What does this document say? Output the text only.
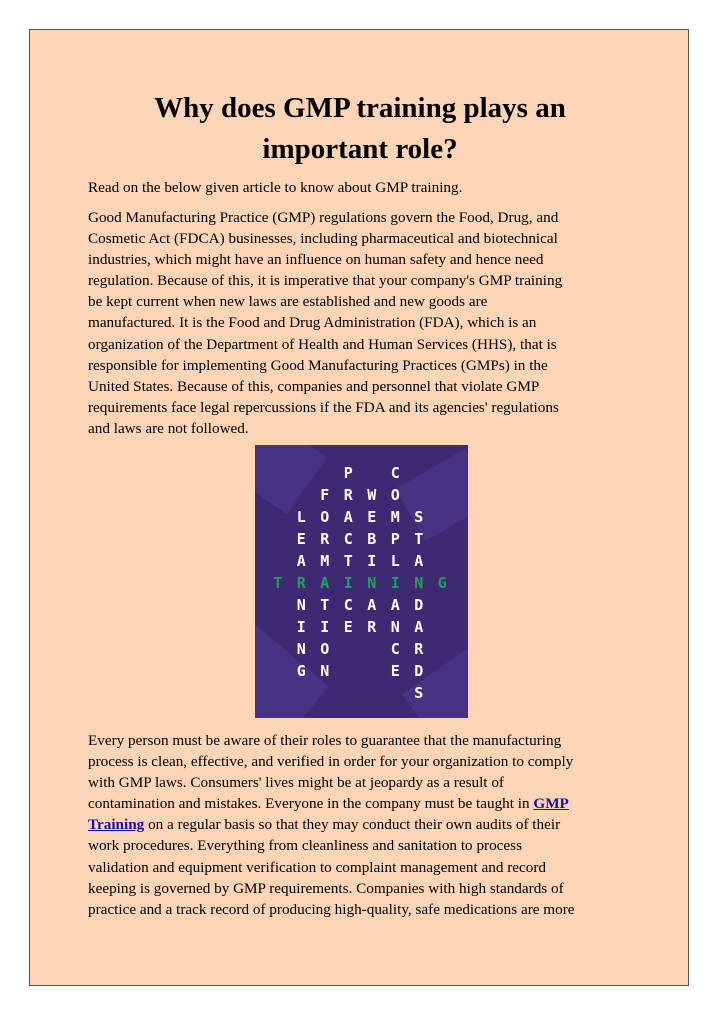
Why does GMP training plays an
important role?

Read on the below given article to know about GMP training.

Good Manufacturing Practice (GMP) regulations govern the Food, Drug, and
Cosmetic Act (FDCA) businesses, including pharmaceutical and biotechnical
industries, which might have an influence on human safety and hence need
regulation. Because of this, it is imperative that your company's GMP training
be kept current when new laws are established and new goods are
manufactured. It is the Food and Drug Administration (FDA), which is an
organization of the Department of Health and Human Services (HHS), that is
responsible for implementing Good Manufacturing Practices (GMPs) in the
United States. Because of this, companies and personnel that violate GMP
requirements face legal repercussions if the FDA and its agencies' regulations
and laws are not followed.

P	C
F R W O
L O A E M S
E R C B P T
A M T I L A
T R A I N I N G
N T C A A D
I I E R N A
N O	C R
G N	E D
S

Every person must be aware of their roles to guarantee that the manufacturing
process is clean, effective, and verified in order for your organization to comply
with GMP laws. Consumers' lives might be at jeopardy as a result of
contamination and mistakes. Everyone in the company must be taught in GMP
Training on a regular basis so that they may conduct their own audits of their
work procedures. Everything from cleanliness and sanitation to process
validation and equipment verification to complaint management and record
keeping is governed by GMP requirements. Companies with high standards of
practice and a track record of producing high-quality, safe medications are more
